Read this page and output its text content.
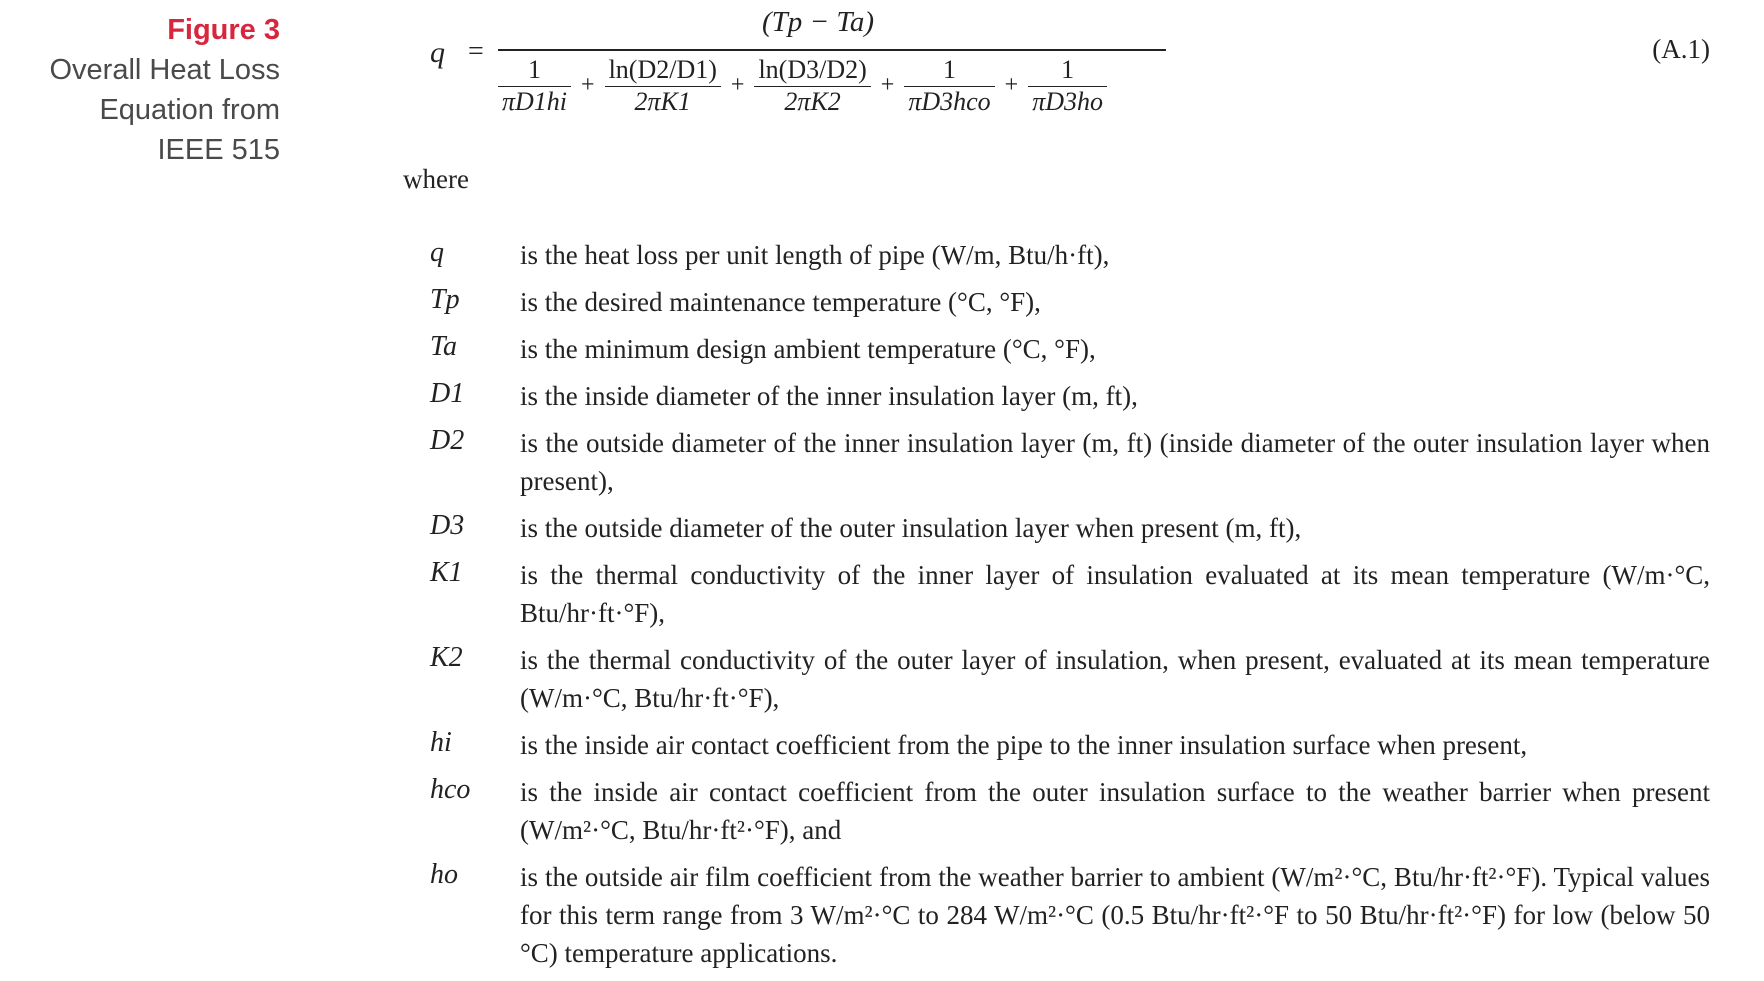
Figure 3
Overall Heat Loss
Equation from
IEEE 515
q =
(Tp − Ta)
$\frac{1}{\pi D1hi} + \frac{\ln(D2/D1)}{2\pi K1} + \frac{\ln(D3/D2)}{2\pi K2} + \frac{1}{\text{πD3hco}} + \frac{1}{\pi D3ho}$
(A.1)
where
q	is the heat loss per unit length of pipe (W/m, Btu/h·ft),
Tp	is the desired maintenance temperature (°C, °F),
Ta	is the minimum design ambient temperature (°C, °F),
D1	is the inside diameter of the inner insulation layer (m, ft),
D2	is the outside diameter of the inner insulation layer (m, ft) (inside diameter of the outer insulation layer when present),
D3	is the outside diameter of the outer insulation layer when present (m, ft),
K1	is the thermal conductivity of the inner layer of insulation evaluated at its mean temperature (W/m·°C, Btu/hr·ft·°F),
K2	is the thermal conductivity of the outer layer of insulation, when present, evaluated at its mean temperature (W/m·°C, Btu/hr·ft·°F),
hi	is the inside air contact coefficient from the pipe to the inner insulation surface when present,
hco	is the inside air contact coefficient from the outer insulation surface to the weather barrier when present (W/m²·°C, Btu/hr·ft²·°F), and
ho	is the outside air film coefficient from the weather barrier to ambient (W/m²·°C, Btu/hr·ft²·°F). Typical values for this term range from 3 W/m²·°C to 284 W/m²·°C (0.5 Btu/hr·ft²·°F to 50 Btu/hr·ft²·°F) for low (below 50 °C) temperature applications.
